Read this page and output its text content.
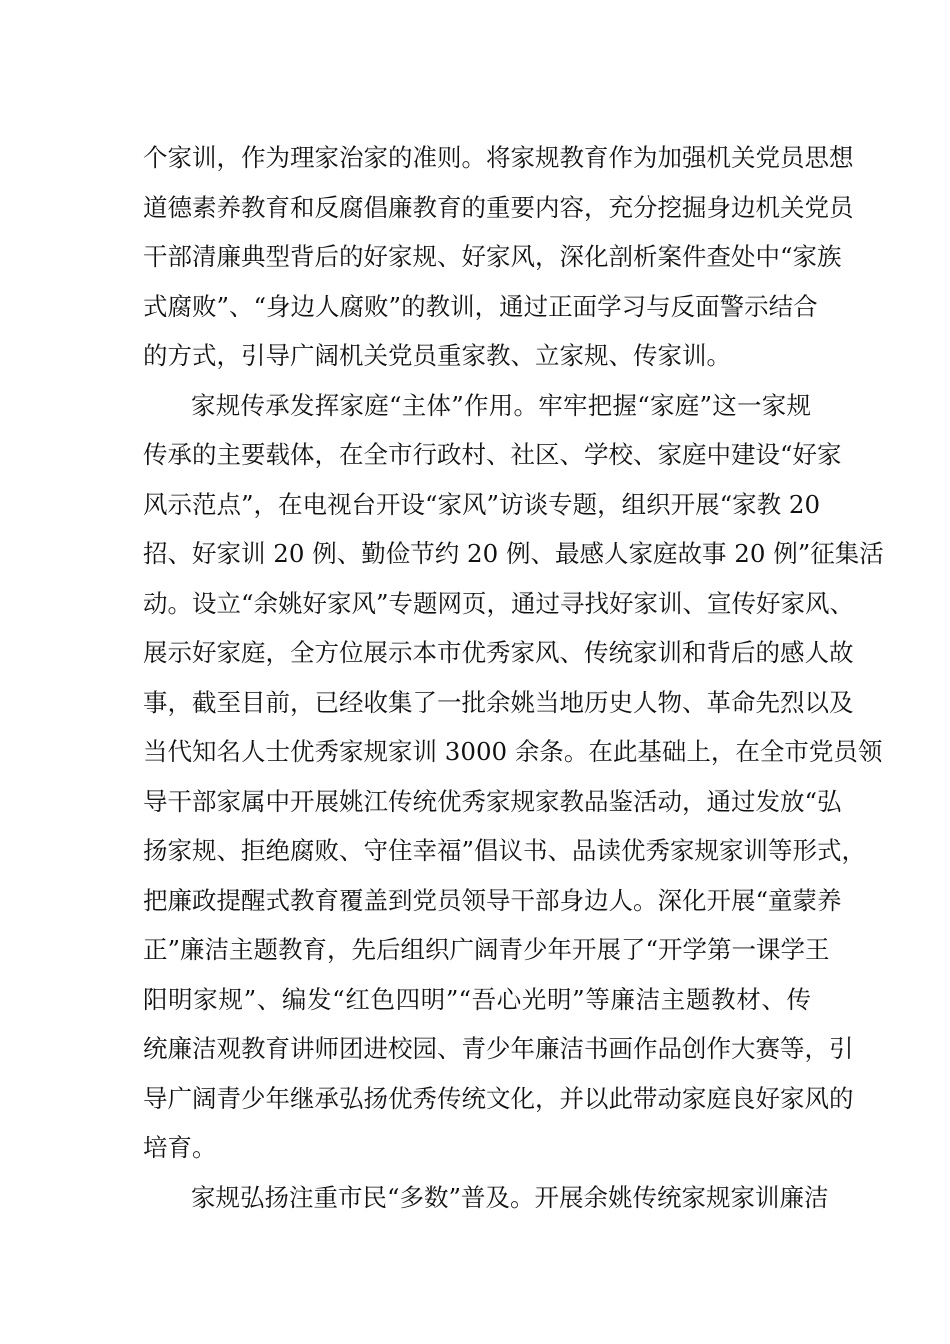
个家训，作为理家治家的准则。将家规教育作为加强机关党员思想
道德素养教育和反腐倡廉教育的重要内容，充分挖掘身边机关党员
干部清廉典型背后的好家规、好家风，深化剖析案件查处中“家族
式腐败”、“身边人腐败”的教训，通过正面学习与反面警示结合
的方式，引导广阔机关党员重家教、立家规、传家训。
家规传承发挥家庭“主体”作用。牢牢把握“家庭”这一家规
传承的主要载体，在全市行政村、社区、学校、家庭中建设“好家
风示范点”，在电视台开设“家风”访谈专题，组织开展“家教 20
招、好家训 20 例、勤俭节约 20 例、最感人家庭故事 20 例”征集活
动。设立“余姚好家风”专题网页，通过寻找好家训、宣传好家风、
展示好家庭，全方位展示本市优秀家风、传统家训和背后的感人故
事，截至目前，已经收集了一批余姚当地历史人物、革命先烈以及
当代知名人士优秀家规家训 3000 余条。在此基础上，在全市党员领
导干部家属中开展姚江传统优秀家规家教品鉴活动，通过发放“弘
扬家规、拒绝腐败、守住幸福”倡议书、品读优秀家规家训等形式，
把廉政提醒式教育覆盖到党员领导干部身边人。深化开展“童蒙养
正”廉洁主题教育，先后组织广阔青少年开展了“开学第一课学王
阳明家规”、编发“红色四明”“吾心光明”等廉洁主题教材、传
统廉洁观教育讲师团进校园、青少年廉洁书画作品创作大赛等，引
导广阔青少年继承弘扬优秀传统文化，并以此带动家庭良好家风的
培育。
家规弘扬注重市民“多数”普及。开展余姚传统家规家训廉洁
